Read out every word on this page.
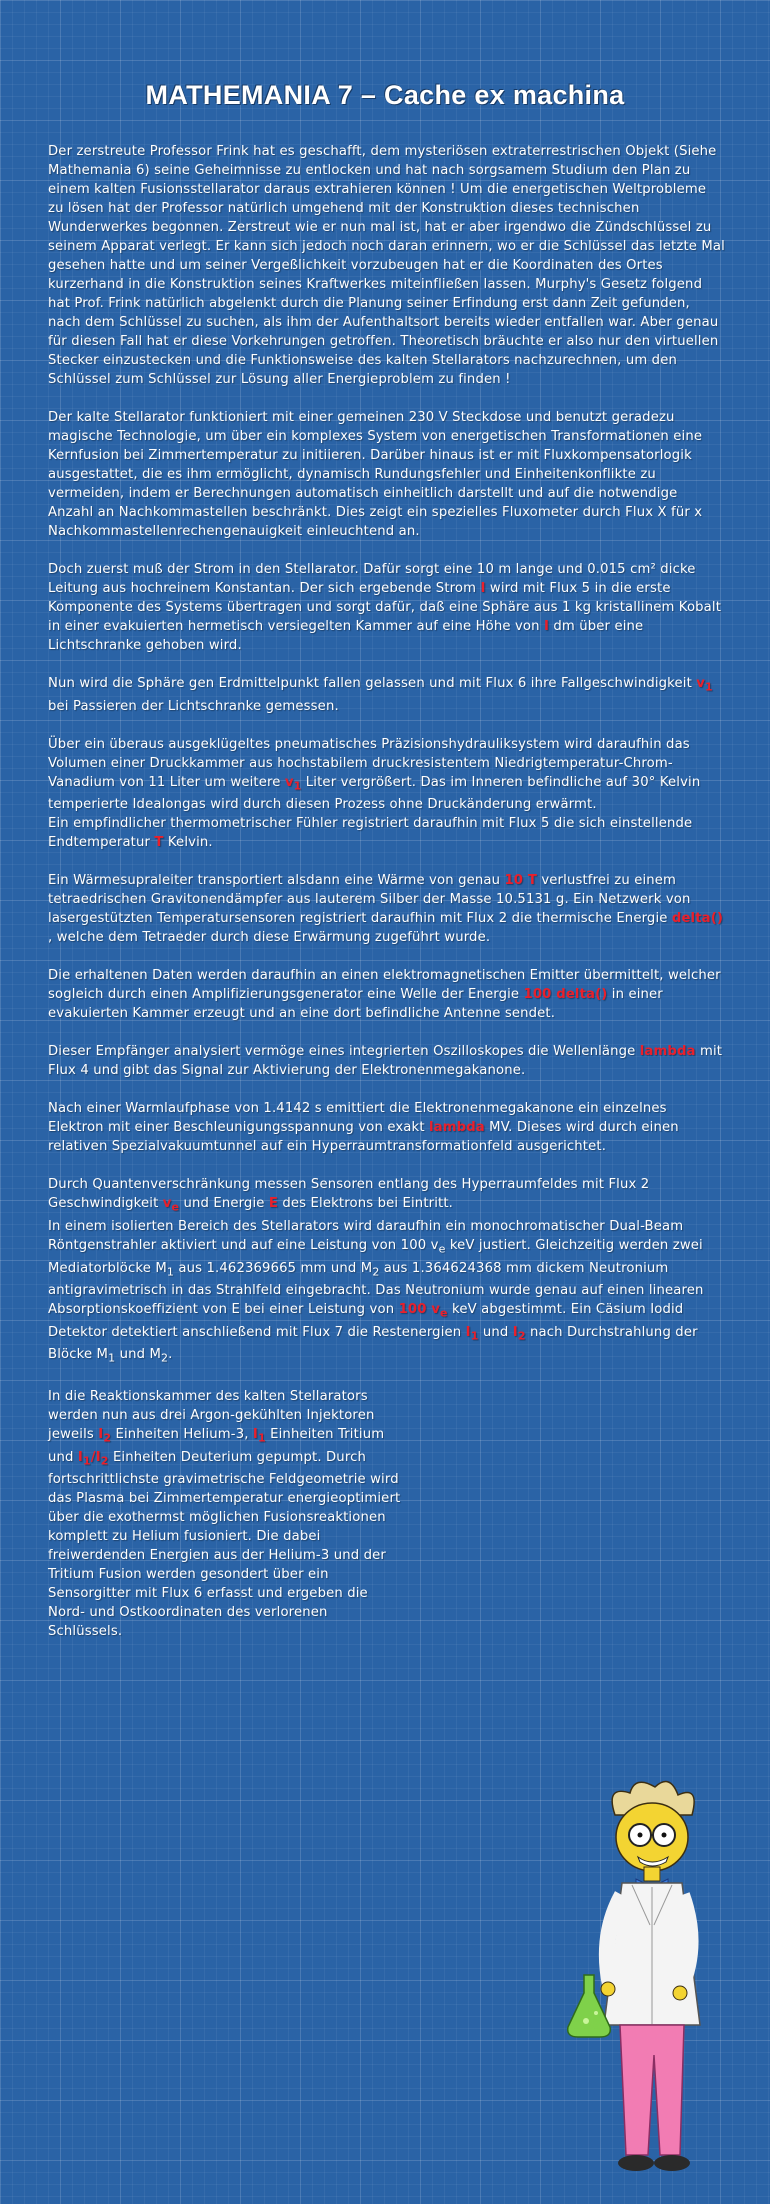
MATHEMANIA 7 – Cache ex machina

Der zerstreute Professor Frink hat es geschafft, dem mysteriösen extraterrestrischen Objekt (Siehe Mathemania 6) seine Geheimnisse zu entlocken und hat nach sorgsamem Studium den Plan zu einem kalten Fusionsstellarator daraus extrahieren können ! Um die energetischen Weltprobleme zu lösen hat der Professor natürlich umgehend mit der Konstruktion dieses technischen Wunderwerkes begonnen. Zerstreut wie er nun mal ist, hat er aber irgendwo die Zündschlüssel zu seinem Apparat verlegt. Er kann sich jedoch noch daran erinnern, wo er die Schlüssel das letzte Mal gesehen hatte und um seiner Vergeßlichkeit vorzubeugen hat er die Koordinaten des Ortes kurzerhand in die Konstruktion seines Kraftwerkes miteinfließen lassen. Murphy's Gesetz folgend hat Prof. Frink natürlich abgelenkt durch die Planung seiner Erfindung erst dann Zeit gefunden, nach dem Schlüssel zu suchen, als ihm der Aufenthaltsort bereits wieder entfallen war. Aber genau für diesen Fall hat er diese Vorkehrungen getroffen. Theoretisch bräuchte er also nur den virtuellen Stecker einzustecken und die Funktionsweise des kalten Stellarators nachzurechnen, um den Schlüssel zum Schlüssel zur Lösung aller Energieproblem zu finden !

Der kalte Stellarator funktioniert mit einer gemeinen 230 V Steckdose und benutzt geradezu magische Technologie, um über ein komplexes System von energetischen Transformationen eine Kernfusion bei Zimmertemperatur zu initiieren. Darüber hinaus ist er mit Fluxkompensatorlogik ausgestattet, die es ihm ermöglicht, dynamisch Rundungsfehler und Einheitenkonflikte zu vermeiden, indem er Berechnungen automatisch einheitlich darstellt und auf die notwendige Anzahl an Nachkommastellen beschränkt. Dies zeigt ein spezielles Fluxometer durch Flux X für x Nachkommastellenrechengenauigkeit einleuchtend an.

Doch zuerst muß der Strom in den Stellarator. Dafür sorgt eine 10 m lange und 0.015 cm² dicke Leitung aus hochreinem Konstantan. Der sich ergebende Strom I wird mit Flux 5 in die erste Komponente des Systems übertragen und sorgt dafür, daß eine Sphäre aus 1 kg kristallinem Kobalt in einer evakuierten hermetisch versiegelten Kammer auf eine Höhe von I dm über eine Lichtschranke gehoben wird.

Nun wird die Sphäre gen Erdmittelpunkt fallen gelassen und mit Flux 6 ihre Fallgeschwindigkeit $v_1$ bei Passieren der Lichtschranke gemessen.

Über ein überaus ausgeklügeltes pneumatisches Präzisionshydrauliksystem wird daraufhin das Volumen einer Druckkammer aus hochstabilem druckresistentem Niedrigtemperatur-Chrom-Vanadium von 11 Liter um weitere $v_1$ Liter vergrößert. Das im Inneren befindliche auf 30° Kelvin temperierte Idealongas wird durch diesen Prozess ohne Druckänderung erwärmt.
Ein empfindlicher thermometrischer Fühler registriert daraufhin mit Flux 5 die sich einstellende Endtemperatur T Kelvin.

Ein Wärmesupraleiter transportiert alsdann eine Wärme von genau 10 T verlustfrei zu einem tetraedrischen Gravitonendämpfer aus lauterem Silber der Masse 10.5131 g. Ein Netzwerk von lasergestützten Temperatursensoren registriert daraufhin mit Flux 2 die thermische Energie delta() , welche dem Tetraeder durch diese Erwärmung zugeführt wurde.

Die erhaltenen Daten werden daraufhin an einen elektromagnetischen Emitter übermittelt, welcher sogleich durch einen Amplifizierungsgenerator eine Welle der Energie 100 delta() in einer evakuierten Kammer erzeugt und an eine dort befindliche Antenne sendet.

Dieser Empfänger analysiert vermöge eines integrierten Oszilloskopes die Wellenlänge lambda mit Flux 4 und gibt das Signal zur Aktivierung der Elektronenmegakanone.

Nach einer Warmlaufphase von 1.4142 s emittiert die Elektronenmegakanone ein einzelnes Elektron mit einer Beschleunigungsspannung von exakt lambda MV. Dieses wird durch einen relativen Spezialvakuumtunnel auf ein Hyperraumtransformationfeld ausgerichtet.

Durch Quantenverschränkung messen Sensoren entlang des Hyperraumfeldes mit Flux 2 Geschwindigkeit $v_e$ und Energie E des Elektrons bei Eintritt.
In einem isolierten Bereich des Stellarators wird daraufhin ein monochromatischer Dual-Beam Röntgenstrahler aktiviert und auf eine Leistung von 100 $v_e$ keV justiert. Gleichzeitig werden zwei Mediatorblöcke $M_1$ aus 1.462369665 mm und $M_2$ aus 1.364624368 mm dickem Neutronium antigravimetrisch in das Strahlfeld eingebracht. Das Neutronium wurde genau auf einen linearen Absorptionskoeffizient von E bei einer Leistung von 100 $v_e$ keV abgestimmt. Ein Cäsium Iodid Detektor detektiert anschließend mit Flux 7 die Restenergien $I_1$ und $I_2$ nach Durchstrahlung der Blöcke $M_1$ und $M_2$.

In die Reaktionskammer des kalten Stellarators werden nun aus drei Argon-gekühlten Injektoren jeweils $I_2$ Einheiten Helium-3, $I_1$ Einheiten Tritium und $I_1/I_2$ Einheiten Deuterium gepumpt. Durch fortschrittlichste gravimetrische Feldgeometrie wird das Plasma bei Zimmertemperatur energieoptimiert über die exothermst möglichen Fusionsreaktionen komplett zu Helium fusioniert. Die dabei freiwerdenden Energien aus der Helium-3 und der Tritium Fusion werden gesondert über ein Sensorgitter mit Flux 6 erfasst und ergeben die Nord- und Ostkoordinaten des verlorenen Schlüssels.
